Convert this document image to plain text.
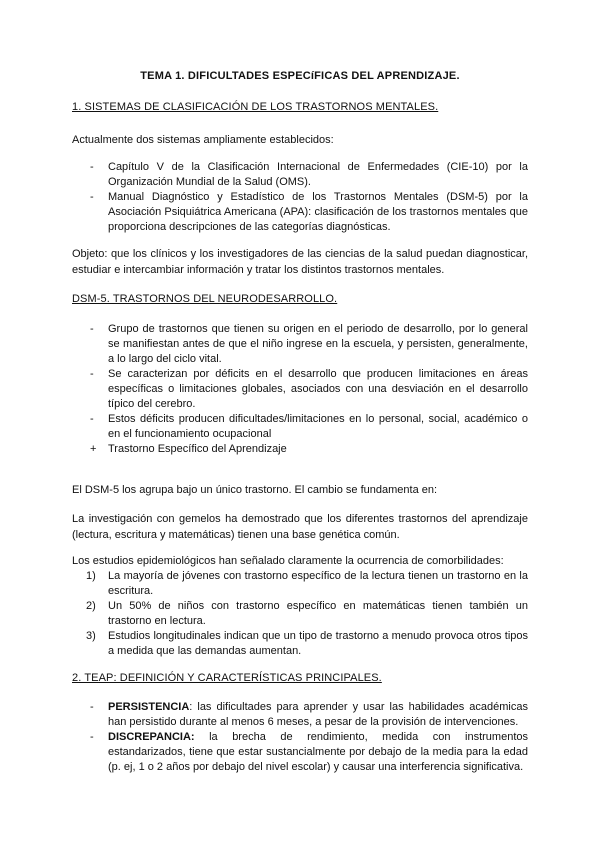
TEMA 1. DIFICULTADES ESPECíFICAS DEL APRENDIZAJE.
1. SISTEMAS DE CLASIFICACIÓN DE LOS TRASTORNOS MENTALES.
Actualmente dos sistemas ampliamente establecidos:
- Capítulo V de la Clasificación Internacional de Enfermedades (CIE-10) por la Organización Mundial de la Salud (OMS).
- Manual Diagnóstico y Estadístico de los Trastornos Mentales (DSM-5) por la Asociación Psiquiátrica Americana (APA): clasificación de los trastornos mentales que proporciona descripciones de las categorías diagnósticas.
Objeto: que los clínicos y los investigadores de las ciencias de la salud puedan diagnosticar, estudiar e intercambiar información y tratar los distintos trastornos mentales.
DSM-5. TRASTORNOS DEL NEURODESARROLLO.
- Grupo de trastornos que tienen su origen en el periodo de desarrollo, por lo general se manifiestan antes de que el niño ingrese en la escuela, y persisten, generalmente, a lo largo del ciclo vital.
- Se caracterizan por déficits en el desarrollo que producen limitaciones en áreas específicas o limitaciones globales, asociados con una desviación en el desarrollo típico del cerebro.
- Estos déficits producen dificultades/limitaciones en lo personal, social, académico o en el funcionamiento ocupacional
+ Trastorno Específico del Aprendizaje
El DSM-5 los agrupa bajo un único trastorno. El cambio se fundamenta en:
La investigación con gemelos ha demostrado que los diferentes trastornos del aprendizaje (lectura, escritura y matemáticas) tienen una base genética común.
Los estudios epidemiológicos han señalado claramente la ocurrencia de comorbilidades:
1) La mayoría de jóvenes con trastorno específico de la lectura tienen un trastorno en la escritura.
2) Un 50% de niños con trastorno específico en matemáticas tienen también un trastorno en lectura.
3) Estudios longitudinales indican que un tipo de trastorno a menudo provoca otros tipos a medida que las demandas aumentan.
2. TEAP: DEFINICIÓN Y CARACTERÍSTICAS PRINCIPALES.
- PERSISTENCIA: las dificultades para aprender y usar las habilidades académicas han persistido durante al menos 6 meses, a pesar de la provisión de intervenciones.
- DISCREPANCIA: la brecha de rendimiento, medida con instrumentos estandarizados, tiene que estar sustancialmente por debajo de la media para la edad (p. ej, 1 o 2 años por debajo del nivel escolar) y causar una interferencia significativa.
